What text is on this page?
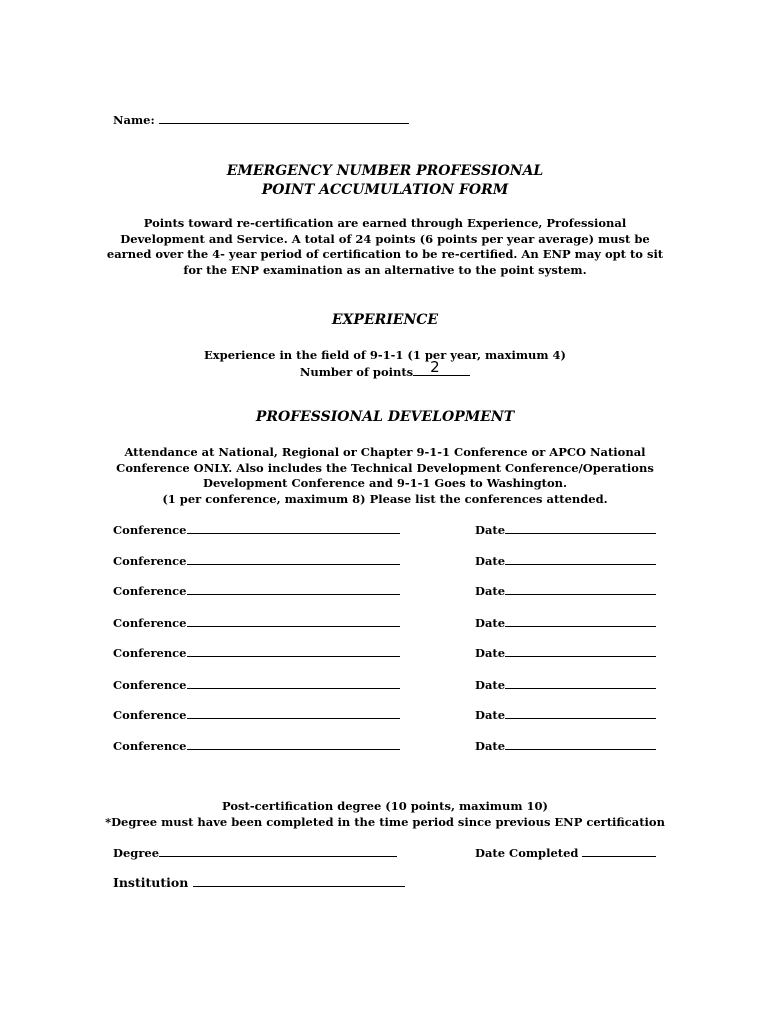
Name:
EMERGENCY NUMBER PROFESSIONAL
POINT ACCUMULATION FORM
Points toward re-certification are earned through Experience, Professional
Development and Service. A total of 24 points (6 points per year average) must be
earned over the 4- year period of certification to be re-certified. An ENP may opt to sit
for the ENP examination as an alternative to the point system.
EXPERIENCE
Experience in the field of 9-1-1 (1 per year, maximum 4)
Number of points 2
PROFESSIONAL DEVELOPMENT
Attendance at National, Regional or Chapter 9-1-1 Conference or APCO National
Conference ONLY. Also includes the Technical Development Conference/Operations
Development Conference and 9-1-1 Goes to Washington.
(1 per conference, maximum 8) Please list the conferences attended.
Conference	Date
Conference	Date
Conference	Date
Conference	Date
Conference	Date
Conference	Date
Conference	Date
Conference	Date
Post-certification degree (10 points, maximum 10)
*Degree must have been completed in the time period since previous ENP certification
Degree	Date Completed
Institution
